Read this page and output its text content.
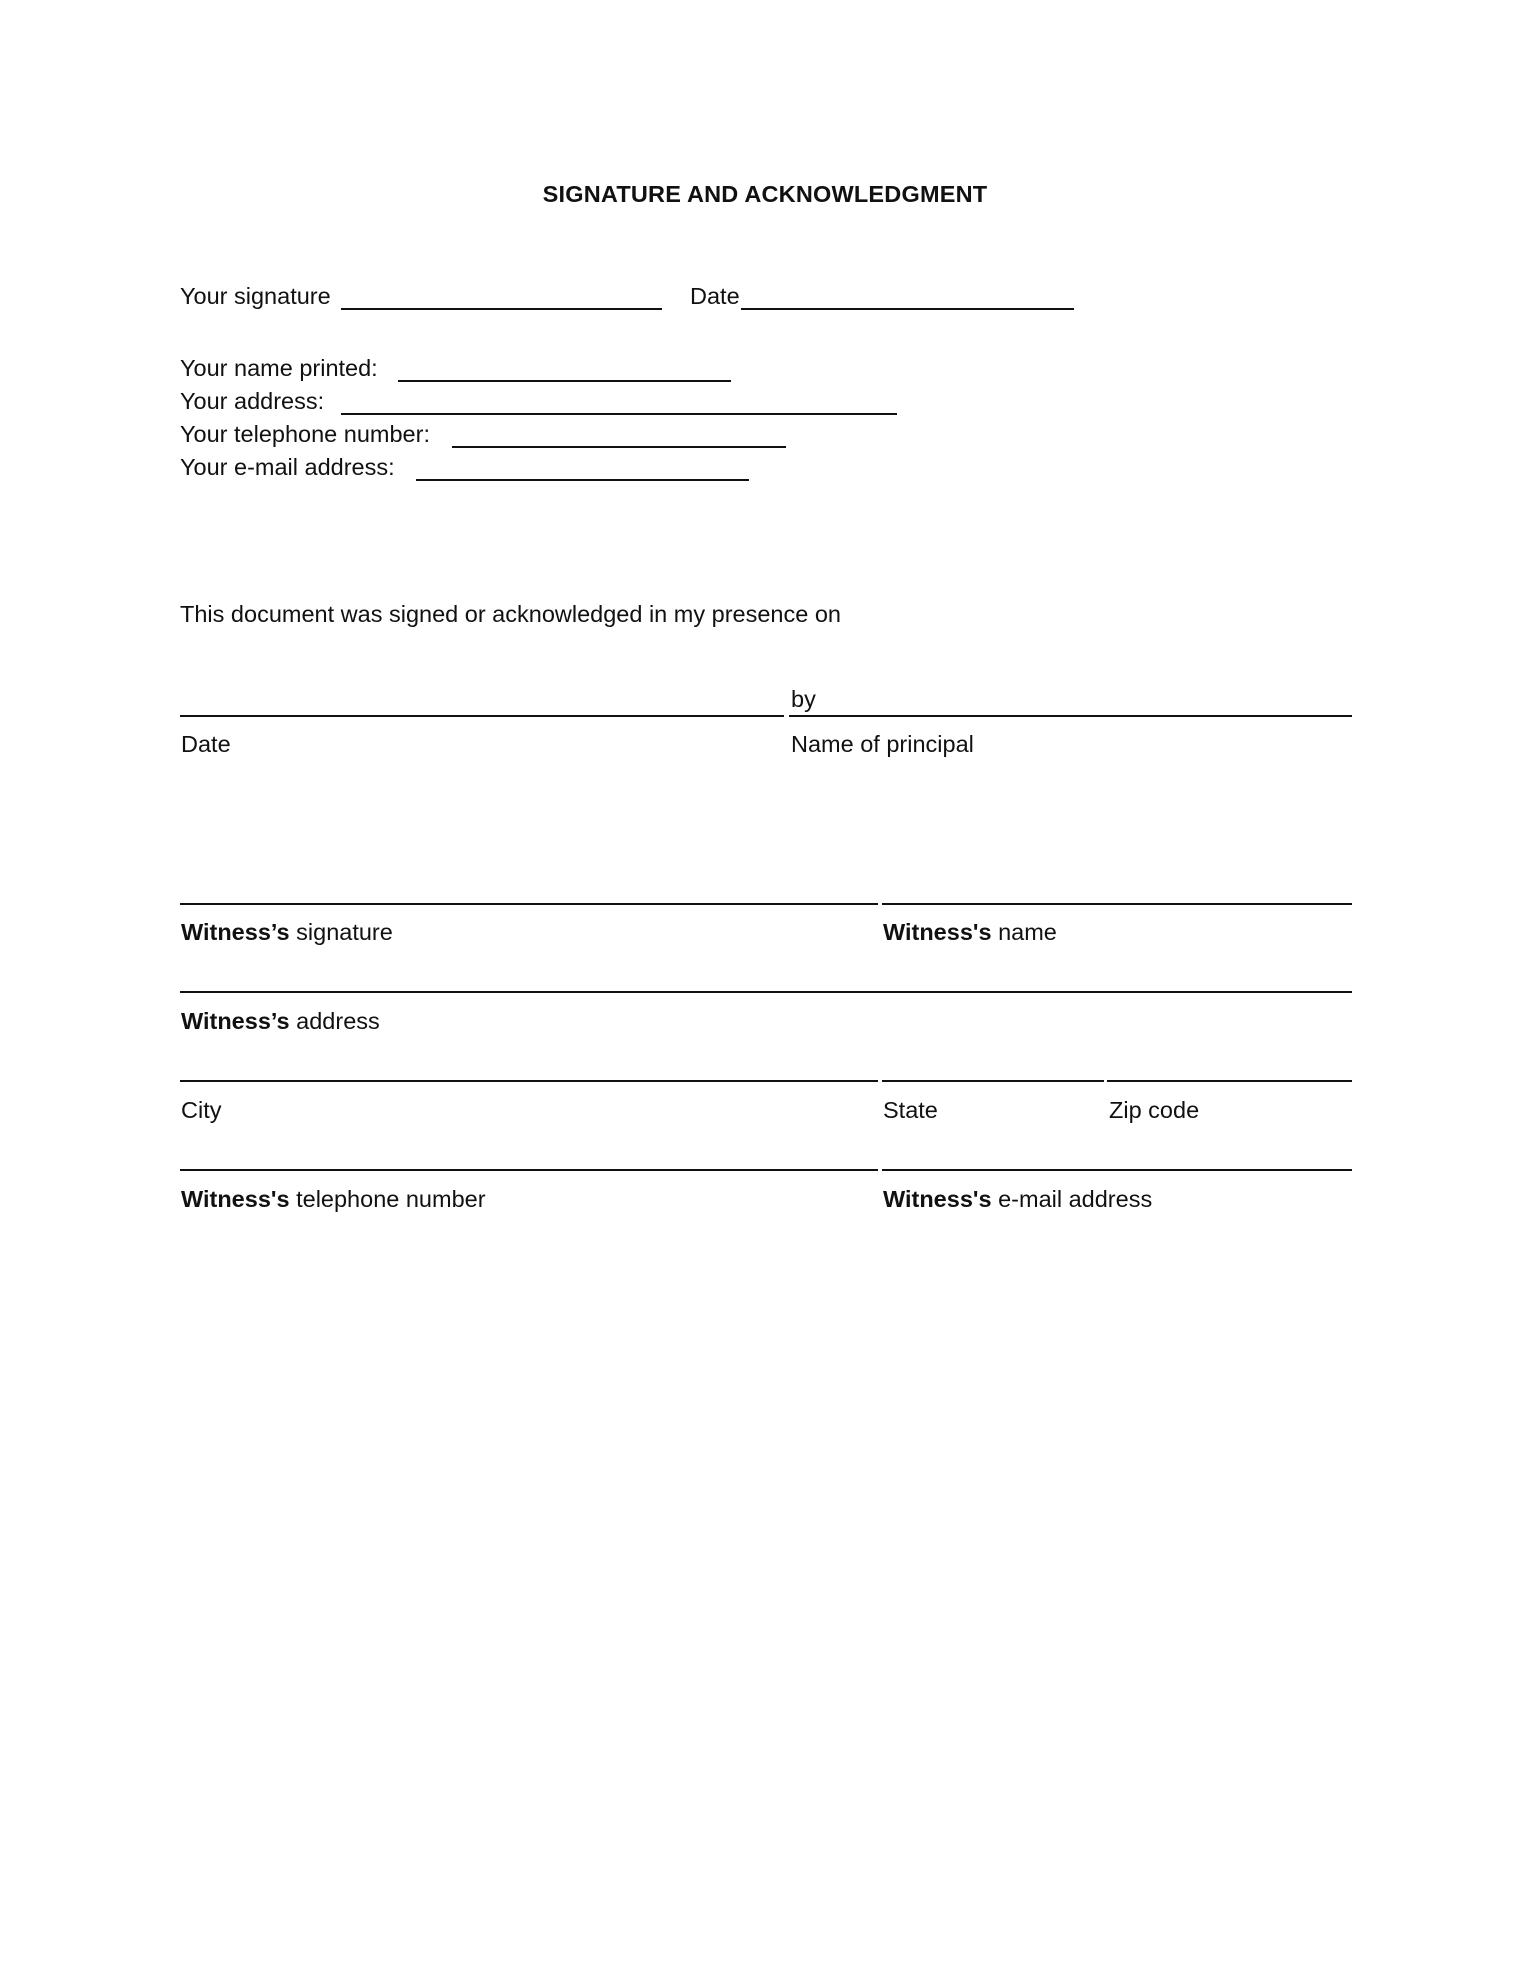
SIGNATURE AND ACKNOWLEDGMENT
Your signature	Date
Your name printed:
Your address:
Your telephone number:
Your e-mail address:
This document was signed or acknowledged in my presence on
by
Date	Name of principal
Witness’s signature	Witness's name
Witness’s address
City	State	Zip code
Witness's telephone number	Witness's e-mail address
